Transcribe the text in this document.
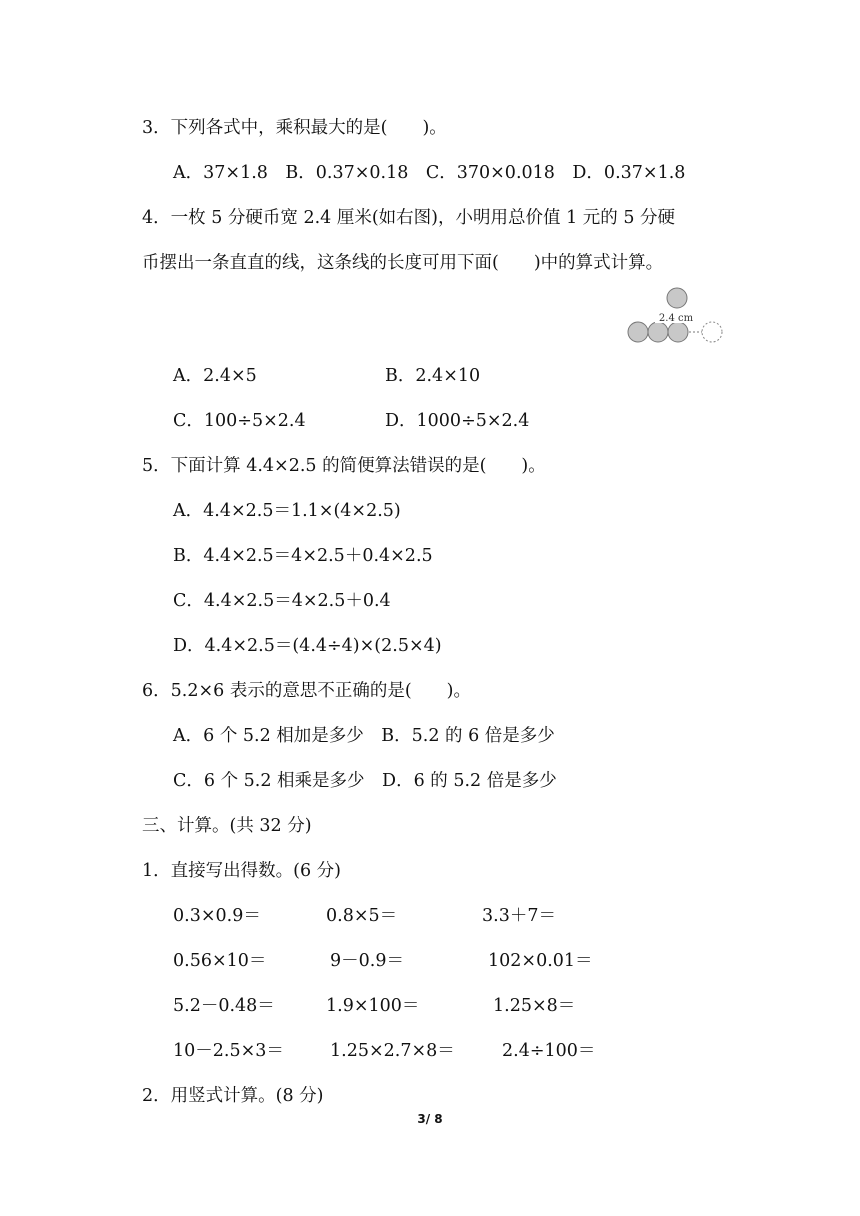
3．下列各式中，乘积最大的是(　　)。
A．37×1.8　B．0.37×0.18　C．370×0.018　D．0.37×1.8
4．一枚 5 分硬币宽 2.4 厘米(如右图)，小明用总价值 1 元的 5 分硬
币摆出一条直直的线，这条线的长度可用下面(　　)中的算式计算。
2.4 cm
A．2.4×5	B．2.4×10
C．100÷5×2.4	D．1000÷5×2.4
5．下面计算 4.4×2.5 的简便算法错误的是(　　)。
A．4.4×2.5＝1.1×(4×2.5)
B．4.4×2.5＝4×2.5＋0.4×2.5
C．4.4×2.5＝4×2.5＋0.4
D．4.4×2.5＝(4.4÷4)×(2.5×4)
6．5.2×6 表示的意思不正确的是(　　)。
A．6 个 5.2 相加是多少　B．5.2 的 6 倍是多少
C．6 个 5.2 相乘是多少　D．6 的 5.2 倍是多少
三、计算。(共 32 分)
1．直接写出得数。(6 分)
0.3×0.9＝	0.8×5＝	3.3＋7＝
0.56×10＝	9－0.9＝	102×0.01＝
5.2－0.48＝	1.9×100＝	1.25×8＝
10－2.5×3＝	1.25×2.7×8＝	2.4÷100＝
2．用竖式计算。(8 分)
3/ 8
